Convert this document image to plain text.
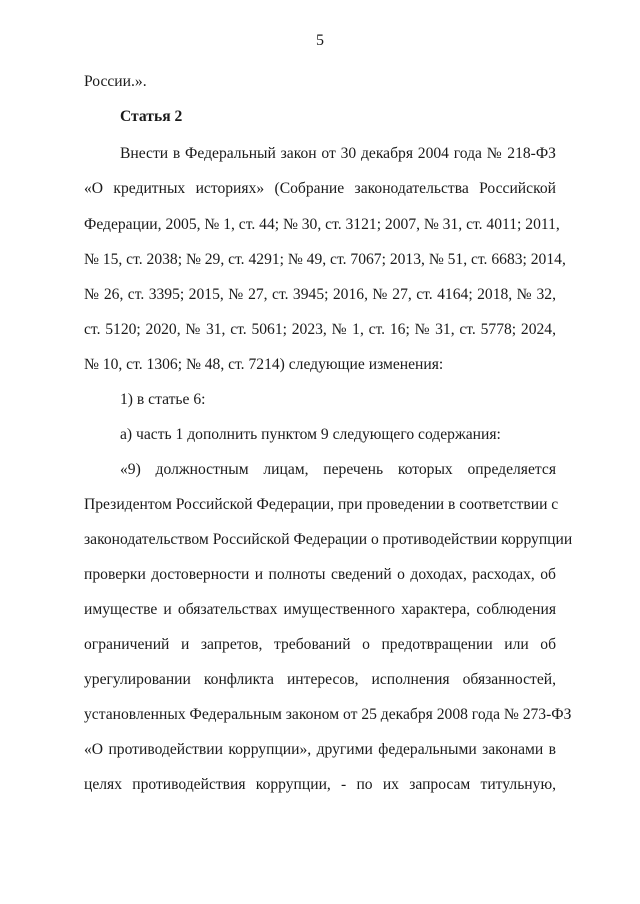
5
России.».
Статья 2
Внести в Федеральный закон от 30 декабря 2004 года № 218-ФЗ
«О кредитных историях» (Собрание законодательства Российской
Федерации, 2005, № 1, ст. 44; № 30, ст. 3121; 2007, № 31, ст. 4011; 2011,
№ 15, ст. 2038; № 29, ст. 4291; № 49, ст. 7067; 2013, № 51, ст. 6683; 2014,
№ 26, ст. 3395; 2015, № 27, ст. 3945; 2016, № 27, ст. 4164; 2018, № 32,
ст. 5120; 2020, № 31, ст. 5061; 2023, № 1, ст. 16; № 31, ст. 5778; 2024,
№ 10, ст. 1306; № 48, ст. 7214) следующие изменения:
1) в статье 6:
а) часть 1 дополнить пунктом 9 следующего содержания:
«9) должностным лицам, перечень которых определяется
Президентом Российской Федерации, при проведении в соответствии с
законодательством Российской Федерации о противодействии коррупции
проверки достоверности и полноты сведений о доходах, расходах, об
имуществе и обязательствах имущественного характера, соблюдения
ограничений и запретов, требований о предотвращении или об
урегулировании конфликта интересов, исполнения обязанностей,
установленных Федеральным законом от 25 декабря 2008 года № 273-ФЗ
«О противодействии коррупции», другими федеральными законами в
целях противодействия коррупции, - по их запросам титульную,
